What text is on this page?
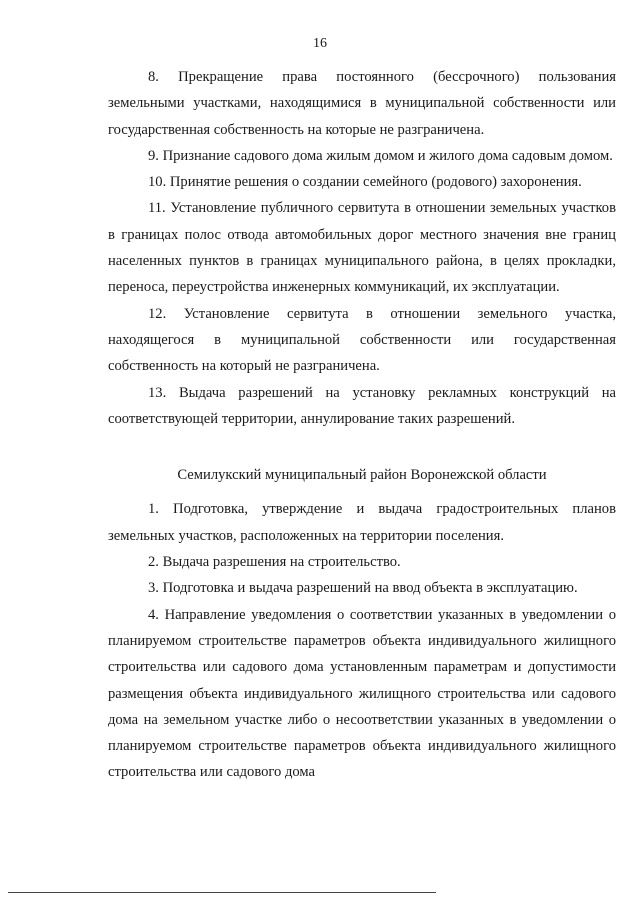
16

8. Прекращение права постоянного (бессрочного) пользования земельными участками, находящимися в муниципальной собственности или государственная собственность на которые не разграничена.

9. Признание садового дома жилым домом и жилого дома садовым домом.

10. Принятие решения о создании семейного (родового) захоронения.

11. Установление публичного сервитута в отношении земельных участков в границах полос отвода автомобильных дорог местного значения вне границ населенных пунктов в границах муниципального района, в целях прокладки, переноса, переустройства инженерных коммуникаций, их эксплуатации.

12. Установление сервитута в отношении земельного участка, находящегося в муниципальной собственности или государственная собственность на который не разграничена.

13. Выдача разрешений на установку рекламных конструкций на соответствующей территории, аннулирование таких разрешений.

Семилукский муниципальный район Воронежской области

1. Подготовка, утверждение и выдача градостроительных планов земельных участков, расположенных на территории поселения.

2. Выдача разрешения на строительство.

3. Подготовка и выдача разрешений на ввод объекта в эксплуатацию.

4. Направление уведомления о соответствии указанных в уведомлении о планируемом строительстве параметров объекта индивидуального жилищного строительства или садового дома установленным параметрам и допустимости размещения объекта индивидуального жилищного строительства или садового дома на земельном участке либо о несоответствии указанных в уведомлении о планируемом строительстве параметров объекта индивидуального жилищного строительства или садового дома
